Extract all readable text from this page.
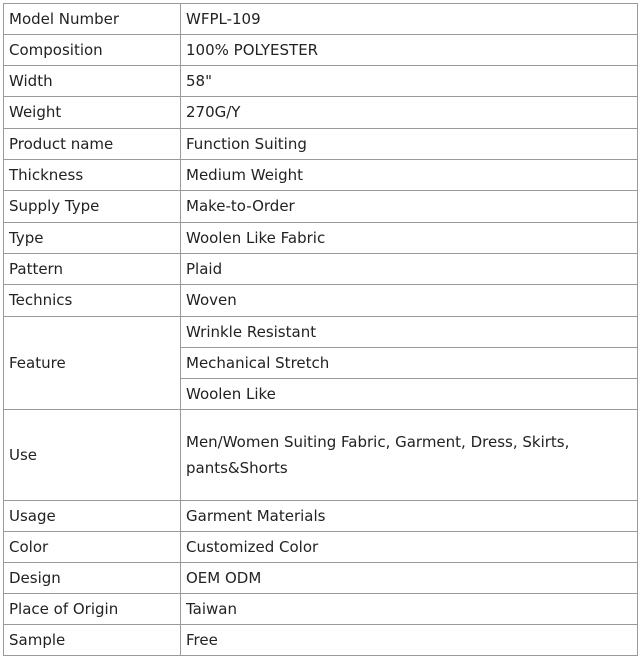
Model Number	WFPL-109
Composition	100% POLYESTER
Width	58"
Weight	270G/Y
Product name	Function Suiting
Thickness	Medium Weight
Supply Type	Make-to-Order
Type	Woolen Like Fabric
Pattern	Plaid
Technics	Woven
Feature	Wrinkle Resistant
	Mechanical Stretch
	Woolen Like
Use	Men/Women Suiting Fabric, Garment, Dress, Skirts, pants&Shorts
Usage	Garment Materials
Color	Customized Color
Design	OEM ODM
Place of Origin	Taiwan
Sample	Free
